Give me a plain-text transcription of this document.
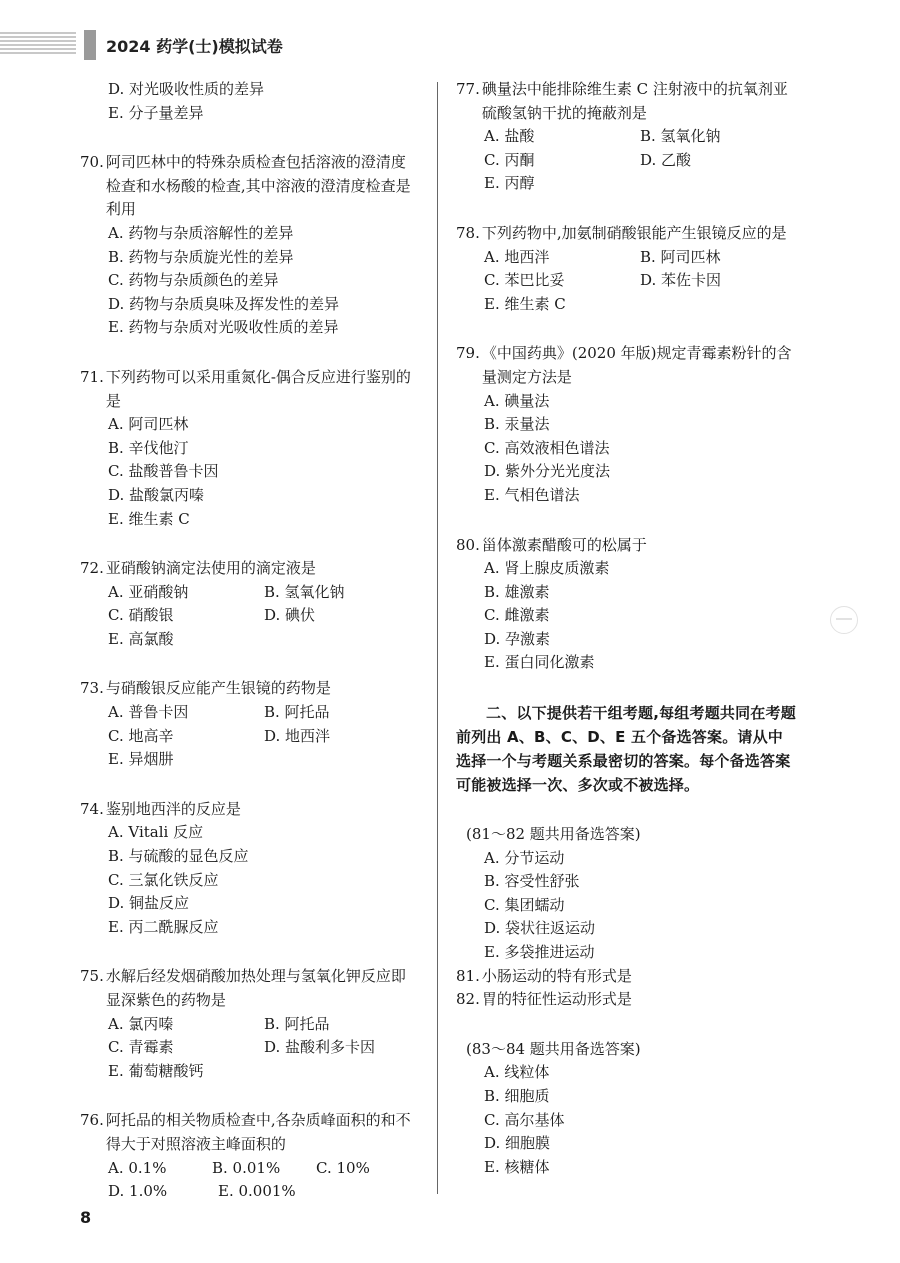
2024 药学(士)模拟试卷
D. 对光吸收性质的差异
E. 分子量差异
70. 阿司匹林中的特殊杂质检查包括溶液的澄清度检查和水杨酸的检查,其中溶液的澄清度检查是利用
A. 药物与杂质溶解性的差异
B. 药物与杂质旋光性的差异
C. 药物与杂质颜色的差异
D. 药物与杂质臭味及挥发性的差异
E. 药物与杂质对光吸收性质的差异
71. 下列药物可以采用重氮化-偶合反应进行鉴别的是
A. 阿司匹林
B. 辛伐他汀
C. 盐酸普鲁卡因
D. 盐酸氯丙嗪
E. 维生素 C
72. 亚硝酸钠滴定法使用的滴定液是
A. 亚硝酸钠	B. 氢氧化钠
C. 硝酸银	D. 碘伏
E. 高氯酸
73. 与硝酸银反应能产生银镜的药物是
A. 普鲁卡因	B. 阿托品
C. 地高辛	D. 地西泮
E. 异烟肼
74. 鉴别地西泮的反应是
A. Vitali 反应
B. 与硫酸的显色反应
C. 三氯化铁反应
D. 铜盐反应
E. 丙二酰脲反应
75. 水解后经发烟硝酸加热处理与氢氧化钾反应即显深紫色的药物是
A. 氯丙嗪	B. 阿托品
C. 青霉素	D. 盐酸利多卡因
E. 葡萄糖酸钙
76. 阿托品的相关物质检查中,各杂质峰面积的和不得大于对照溶液主峰面积的
A. 0.1%	B. 0.01%	C. 10%
D. 1.0%	E. 0.001%
77. 碘量法中能排除维生素 C 注射液中的抗氧剂亚硫酸氢钠干扰的掩蔽剂是
A. 盐酸	B. 氢氧化钠
C. 丙酮	D. 乙酸
E. 丙醇
78. 下列药物中,加氨制硝酸银能产生银镜反应的是
A. 地西泮	B. 阿司匹林
C. 苯巴比妥	D. 苯佐卡因
E. 维生素 C
79. 《中国药典》(2020 年版)规定青霉素粉针的含量测定方法是
A. 碘量法
B. 汞量法
C. 高效液相色谱法
D. 紫外分光光度法
E. 气相色谱法
80. 甾体激素醋酸可的松属于
A. 肾上腺皮质激素
B. 雄激素
C. 雌激素
D. 孕激素
E. 蛋白同化激素
二、以下提供若干组考题,每组考题共同在考题前列出 A、B、C、D、E 五个备选答案。请从中选择一个与考题关系最密切的答案。每个备选答案可能被选择一次、多次或不被选择。
(81～82 题共用备选答案)
A. 分节运动
B. 容受性舒张
C. 集团蠕动
D. 袋状往返运动
E. 多袋推进运动
81. 小肠运动的特有形式是
82. 胃的特征性运动形式是
(83～84 题共用备选答案)
A. 线粒体
B. 细胞质
C. 高尔基体
D. 细胞膜
E. 核糖体
8
